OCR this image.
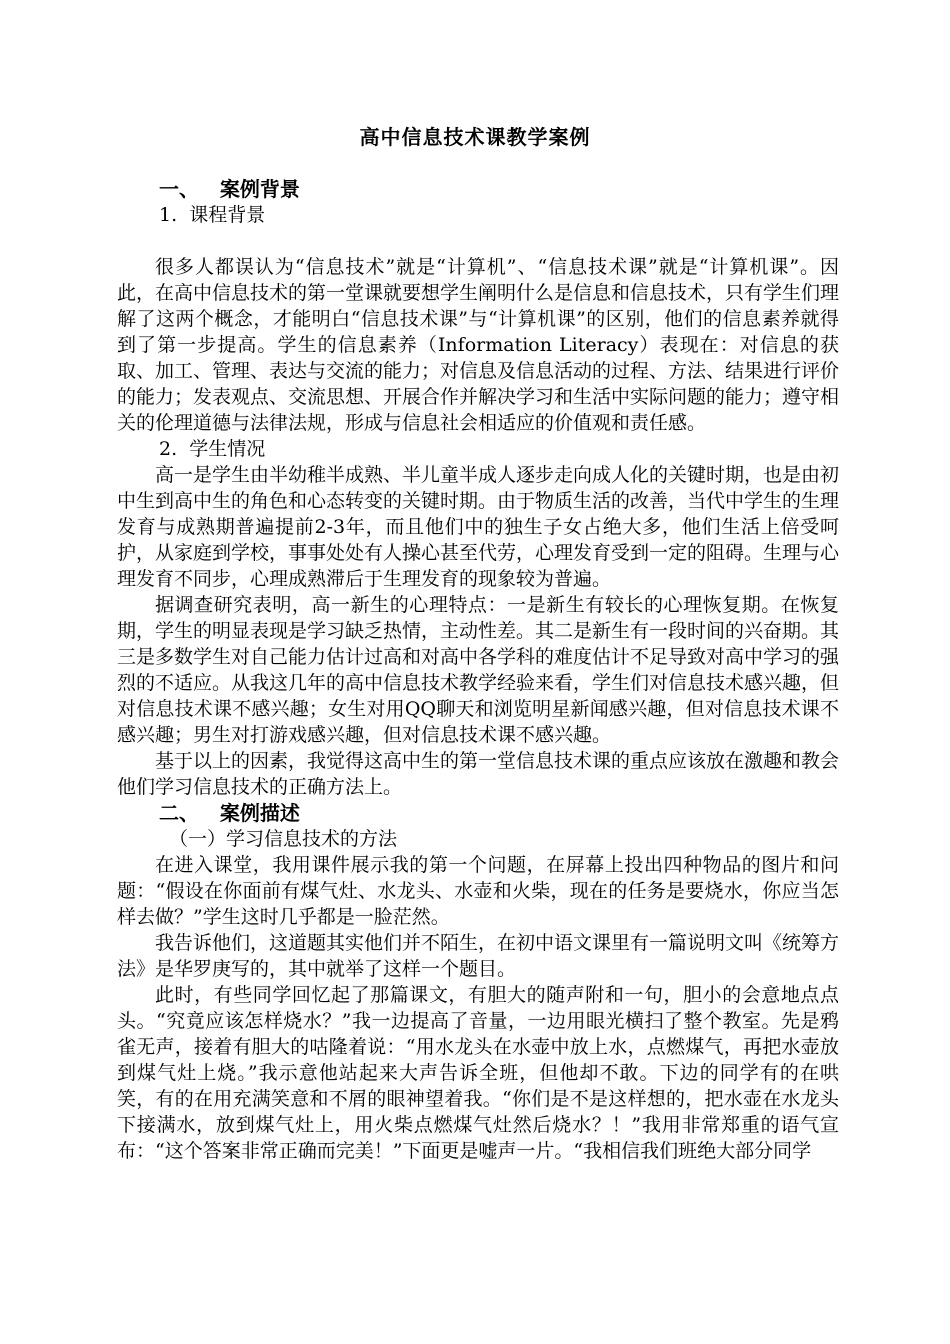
高中信息技术课教学案例
一、   案例背景
1.  课程背景

很多人都误认为“信息技术”就是“计算机”、“信息技术课”就是“计算机课”。因此，在高中信息技术的第一堂课就要想学生阐明什么是信息和信息技术，只有学生们理解了这两个概念，才能明白“信息技术课”与“计算机课”的区别，他们的信息素养就得到了第一步提高。学生的信息素养（Information Literacy）表现在：对信息的获取、加工、管理、表达与交流的能力；对信息及信息活动的过程、方法、结果进行评价的能力；发表观点、交流思想、开展合作并解决学习和生活中实际问题的能力；遵守相关的伦理道德与法律法规，形成与信息社会相适应的价值观和责任感。

2.  学生情况

高一是学生由半幼稚半成熟、半儿童半成人逐步走向成人化的关键时期，也是由初中生到高中生的角色和心态转变的关键时期。由于物质生活的改善，当代中学生的生理发育与成熟期普遍提前2-3年，而且他们中的独生子女占绝大多，他们生活上倍受呵护，从家庭到学校，事事处处有人操心甚至代劳，心理发育受到一定的阻碍。生理与心理发育不同步，心理成熟滞后于生理发育的现象较为普遍。

据调查研究表明，高一新生的心理特点：一是新生有较长的心理恢复期。在恢复期，学生的明显表现是学习缺乏热情，主动性差。其二是新生有一段时间的兴奋期。其三是多数学生对自己能力估计过高和对高中各学科的难度估计不足导致对高中学习的强烈的不适应。从我这几年的高中信息技术教学经验来看，学生们对信息技术感兴趣，但对信息技术课不感兴趣；女生对用QQ聊天和浏览明星新闻感兴趣，但对信息技术课不感兴趣；男生对打游戏感兴趣，但对信息技术课不感兴趣。

基于以上的因素，我觉得这高中生的第一堂信息技术课的重点应该放在激趣和教会他们学习信息技术的正确方法上。

二、   案例描述
（一）学习信息技术的方法

在进入课堂，我用课件展示我的第一个问题，在屏幕上投出四种物品的图片和问题：“假设在你面前有煤气灶、水龙头、水壶和火柴，现在的任务是要烧水，你应当怎样去做？”学生这时几乎都是一脸茫然。

我告诉他们，这道题其实他们并不陌生，在初中语文课里有一篇说明文叫《统筹方法》是华罗庚写的，其中就举了这样一个题目。

此时，有些同学回忆起了那篇课文，有胆大的随声附和一句，胆小的会意地点点头。“究竟应该怎样烧水？”我一边提高了音量，一边用眼光横扫了整个教室。先是鸦雀无声，接着有胆大的咕隆着说：“用水龙头在水壶中放上水，点燃煤气，再把水壶放到煤气灶上烧。”我示意他站起来大声告诉全班，但他却不敢。下边的同学有的在哄笑，有的在用充满笑意和不屑的眼神望着我。“你们是不是这样想的，把水壶在水龙头下接满水，放到煤气灶上，用火柴点燃煤气灶然后烧水？！”我用非常郑重的语气宣布：“这个答案非常正确而完美！”下面更是嘘声一片。“我相信我们班绝大部分同学
